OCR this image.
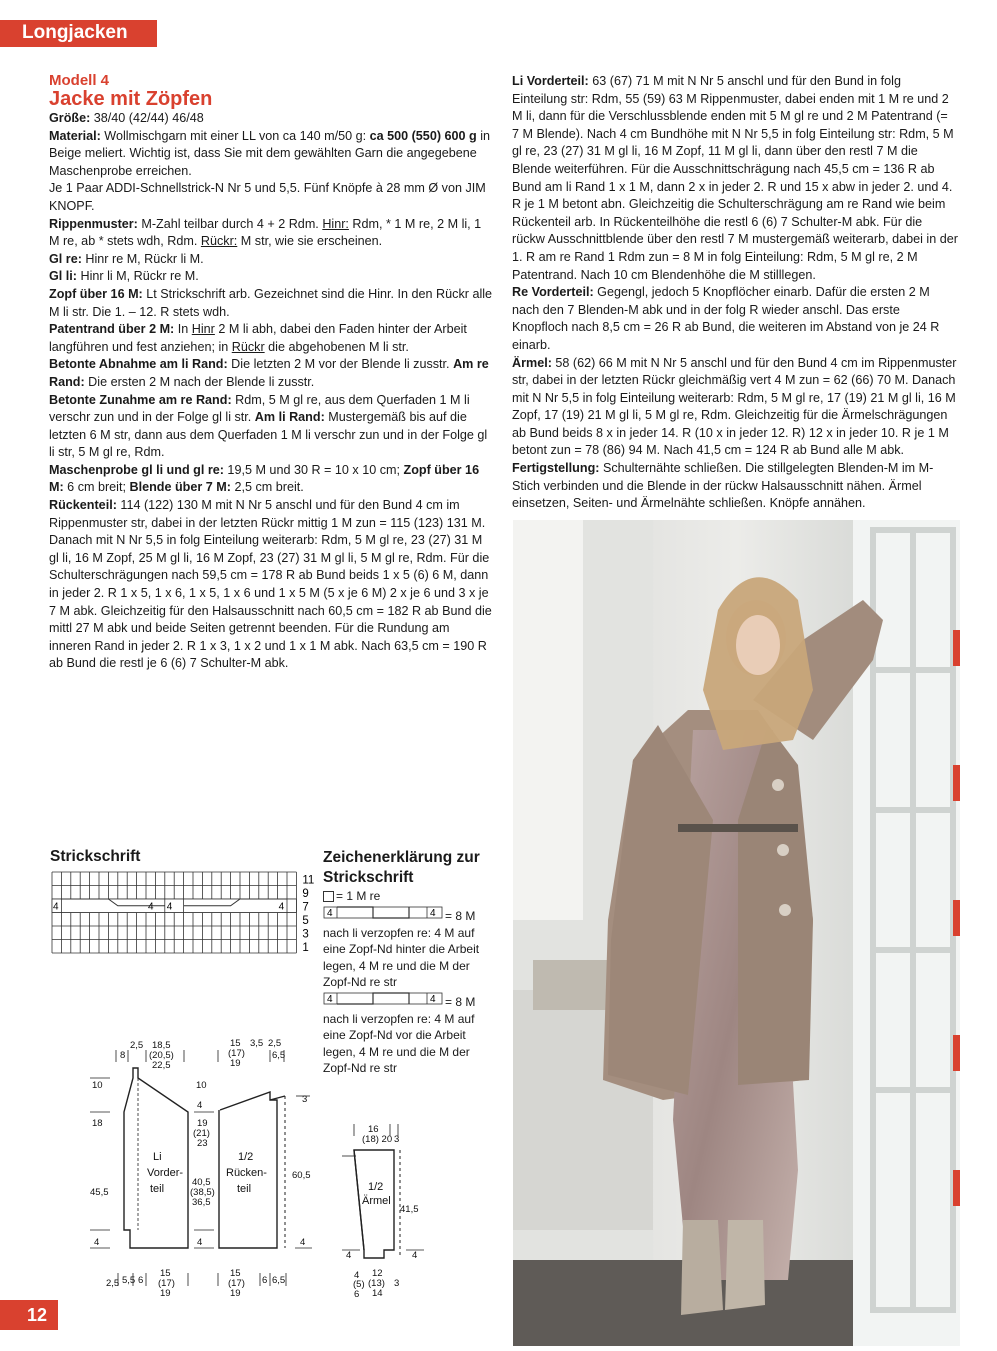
Longjacken
Modell 4
Jacke mit Zöpfen

Größe: 38/40 (42/44) 46/48

Material: Wollmischgarn mit einer LL von ca 140 m/50 g: ca 500 (550) 600 g in Beige meliert. Wichtig ist, dass Sie mit dem gewählten Garn die angegebene Maschenprobe erreichen.

Je 1 Paar ADDI-Schnellstrick-N Nr 5 und 5,5. Fünf Knöpfe à 28 mm Ø von JIM KNOPF.

Rippenmuster: M-Zahl teilbar durch 4 + 2 Rdm. Hinr: Rdm, * 1 M re, 2 M li, 1 M re, ab * stets wdh, Rdm. Rückr: M str, wie sie erscheinen.

Gl re: Hinr re M, Rückr li M.

Gl li: Hinr li M, Rückr re M.

Zopf über 16 M: Lt Strickschrift arb. Gezeichnet sind die Hinr. In den Rückr alle M li str. Die 1. – 12. R stets wdh.

Patentrand über 2 M: In Hinr 2 M li abh, dabei den Faden hinter der Arbeit langführen und fest anziehen; in Rückr die abgehobenen M li str.

Betonte Abnahme am li Rand: Die letzten 2 M vor der Blende li zusstr. Am re Rand: Die ersten 2 M nach der Blende li zusstr.

Betonte Zunahme am re Rand: Rdm, 5 M gl re, aus dem Querfaden 1 M li verschr zun und in der Folge gl li str. Am li Rand: Mustergemäß bis auf die letzten 6 M str, dann aus dem Querfaden 1 M li verschr zun und in der Folge gl li str, 5 M gl re, Rdm.

Maschenprobe gl li und gl re: 19,5 M und 30 R = 10 x 10 cm; Zopf über 16 M: 6 cm breit; Blende über 7 M: 2,5 cm breit.

Rückenteil: 114 (122) 130 M mit N Nr 5 anschl und für den Bund 4 cm im Rippenmuster str, dabei in der letzten Rückr mittig 1 M zun = 115 (123) 131 M. Danach mit N Nr 5,5 in folg Einteilung weiterarb: Rdm, 5 M gl re, 23 (27) 31 M gl li, 16 M Zopf, 25 M gl li, 16 M Zopf, 23 (27) 31 M gl li, 5 M gl re, Rdm. Für die Schulterschrägungen nach 59,5 cm = 178 R ab Bund beids 1 x 5 (6) 6 M, dann in jeder 2. R 1 x 5, 1 x 6, 1 x 5, 1 x 6 und 1 x 5 M (5 x je 6 M) 2 x je 6 und 3 x je 7 M abk. Gleichzeitig für den Halsausschnitt nach 60,5 cm = 182 R ab Bund die mittl 27 M abk und beide Seiten getrennt beenden. Für die Rundung am inneren Rand in jeder 2. R 1 x 3, 1 x 2 und 1 x 1 M abk. Nach 63,5 cm = 190 R ab Bund die restl je 6 (6) 7 Schulter-M abk.

Li Vorderteil: 63 (67) 71 M mit N Nr 5 anschl und für den Bund in folg Einteilung str: Rdm, 55 (59) 63 M Rippenmuster, dabei enden mit 1 M re und 2 M li, dann für die Verschlussblende enden mit 5 M gl re und 2 M Patentrand (= 7 M Blende). Nach 4 cm Bundhöhe mit N Nr 5,5 in folg Einteilung str: Rdm, 5 M gl re, 23 (27) 31 M gl li, 16 M Zopf, 11 M gl li, dann über den restl 7 M die Blende weiterführen. Für die Ausschnittschrägung nach 45,5 cm = 136 R ab Bund am li Rand 1 x 1 M, dann 2 x in jeder 2. R und 15 x abw in jeder 2. und 4. R je 1 M betont abn. Gleichzeitig die Schulterschrägung am re Rand wie beim Rückenteil arb. In Rückenteilhöhe die restl 6 (6) 7 Schulter-M abk. Für die rückw Ausschnittblende über den restl 7 M mustergemäß weiterarb, dabei in der 1. R am re Rand 1 Rdm zun = 8 M in folg Einteilung: Rdm, 5 M gl re, 2 M Patentrand. Nach 10 cm Blendenhöhe die M stilllegen.

Re Vorderteil: Gegengl, jedoch 5 Knopflöcher einarb. Dafür die ersten 2 M nach den 7 Blenden-M abk und in der folg R wieder anschl. Das erste Knopfloch nach 8,5 cm = 26 R ab Bund, die weiteren im Abstand von je 24 R einarb.

Ärmel: 58 (62) 66 M mit N Nr 5 anschl und für den Bund 4 cm im Rippenmuster str, dabei in der letzten Rückr gleichmäßig vert 4 M zun = 62 (66) 70 M. Danach mit N Nr 5,5 in folg Einteilung weiterarb: Rdm, 5 M gl re, 17 (19) 21 M gl li, 16 M Zopf, 17 (19) 21 M gl li, 5 M gl re, Rdm. Gleichzeitig für die Ärmelschrägungen ab Bund beids 8 x in jeder 14. R (10 x in jeder 12. R) 12 x in jeder 10. R je 1 M betont zun = 78 (86) 94 M. Nach 41,5 cm = 124 R ab Bund alle M abk.

Fertigstellung: Schulternähte schließen. Die stillgelegten Blenden-M im M-Stich verbinden und die Blende in der rückw Halsausschnitt nähen. Ärmel einsetzen, Seiten- und Ärmelnähte schließen. Knöpfe annähen.

Strickschrift
4	4 4	4
11
9
7
5
3
1
Zeichenerklärung zur Strickschrift

= 1 M re

4	4 = 8 M

nach li verzopfen re: 4 M auf eine Zopf-Nd hinter die Arbeit legen, 4 M re und die M der Zopf-Nd re str

4	4 = 8 M

nach li verzopfen re: 4 M auf eine Zopf-Nd vor die Arbeit legen, 4 M re und die M der Zopf-Nd re str

Li
Vorder-
teil
1/2
Rücken-
teil
2,5 18,5
(20,5)
22,5
8
15
(17)
19
3,5 2,5
6,5
10
18
45,5
4
10
4
19
(21)
23
40,5
(38,5)
36,5
4
3
60,5
4
2,5 5,5 6
15
(17)
19
15
(17)
19
6 6,5
1/2
Ärmel
16
(18) 20 3
41,5
4
4
4
(5)
6
12
(13)
14
3
12
